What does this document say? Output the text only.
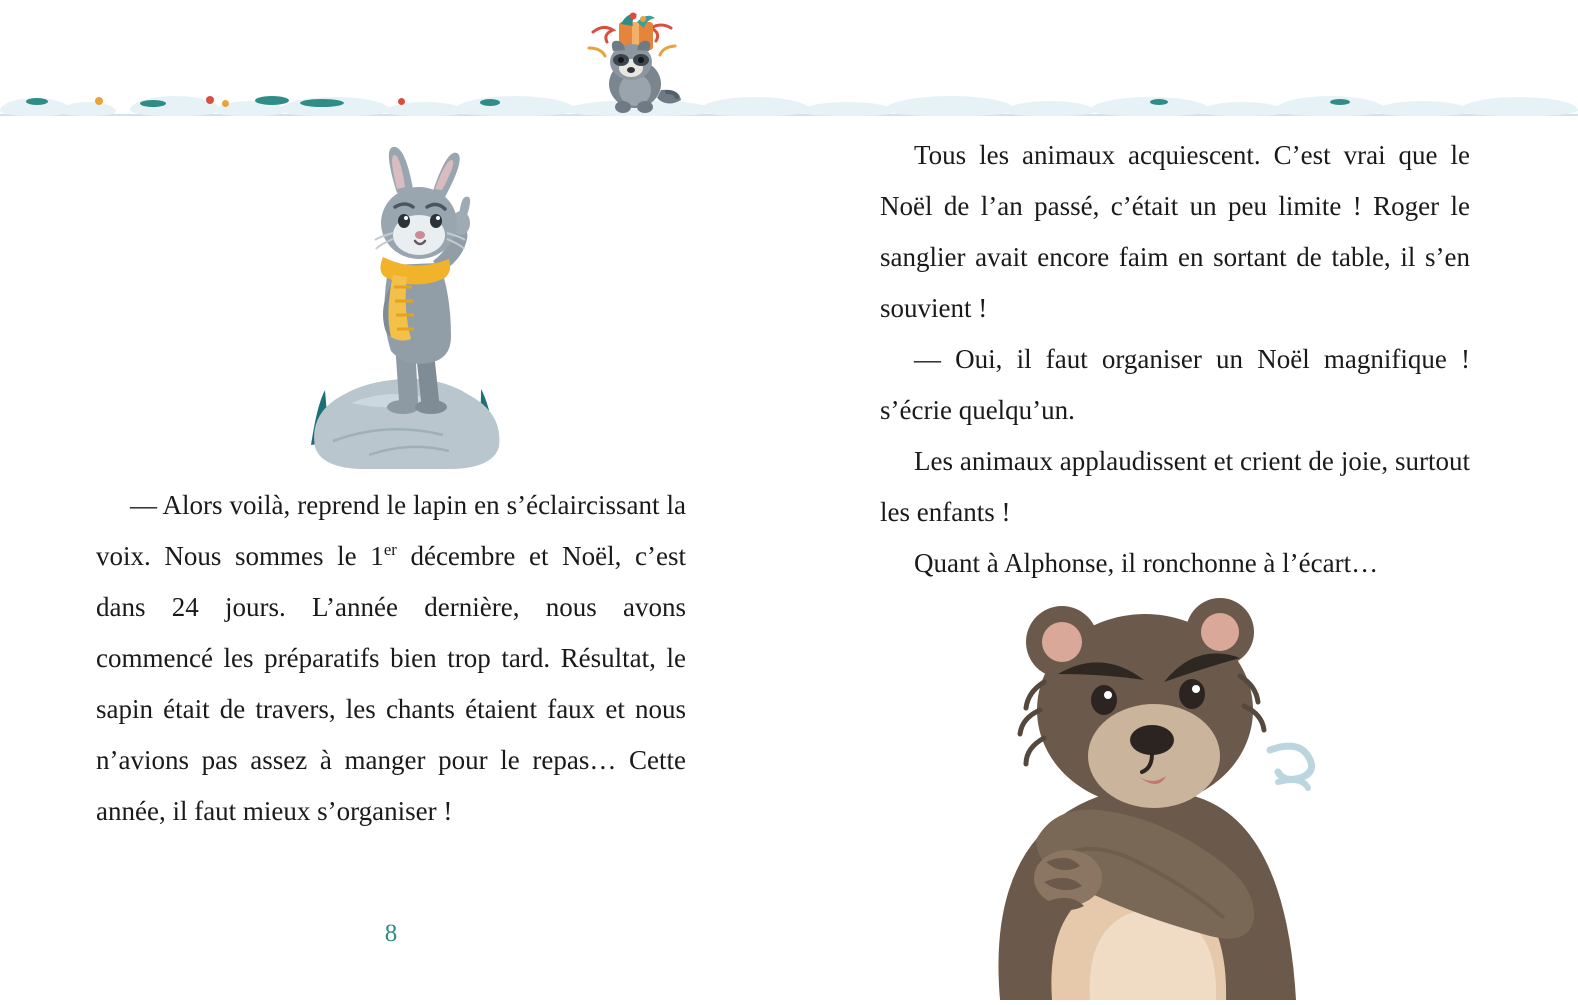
— Alors voilà, reprend le lapin en s’éclaircissant la voix. Nous sommes le 1er décembre et Noël, c’est dans 24 jours. L’année dernière, nous avons commencé les préparatifs bien trop tard. Résultat, le sapin était de travers, les chants étaient faux et nous n’avions pas assez à manger pour le repas… Cette année, il faut mieux s’organiser !

8

Tous les animaux acquiescent. C’est vrai que le Noël de l’an passé, c’était un peu limite ! Roger le sanglier avait encore faim en sortant de table, il s’en souvient !

— Oui, il faut organiser un Noël magnifique ! s’écrie quelqu’un.

Les animaux applaudissent et crient de joie, surtout les enfants !

Quant à Alphonse, il ronchonne à l’écart…
